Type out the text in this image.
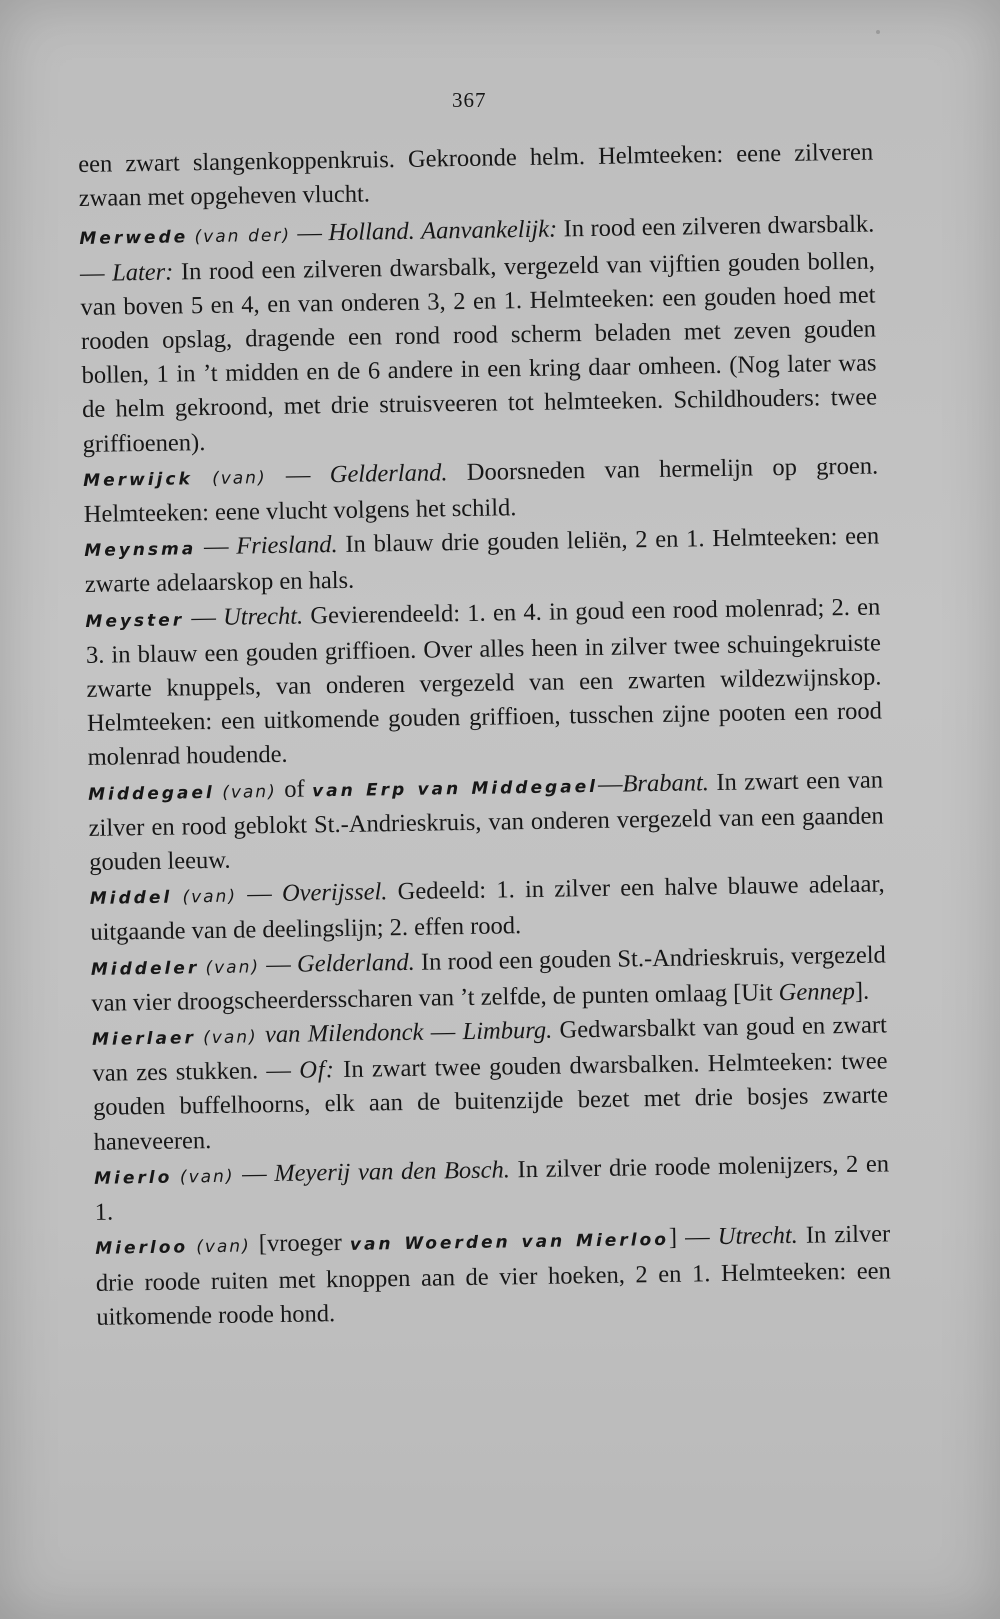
367

een zwart slangenkoppenkruis. Gekroonde helm. Helmteeken: eene zilveren zwaan met opgeheven vlucht.

Merwede (van der) — Holland. Aanvankelijk: In rood een zilveren dwarsbalk. — Later: In rood een zilveren dwarsbalk, vergezeld van vijftien gouden bollen, van boven 5 en 4, en van onderen 3, 2 en 1. Helmteeken: een gouden hoed met rooden opslag, dragende een rond rood scherm beladen met zeven gouden bollen, 1 in ’t midden en de 6 andere in een kring daar omheen. (Nog later was de helm gekroond, met drie struisveeren tot helmteeken. Schildhouders: twee griffioenen).

Merwijck (van) — Gelderland. Doorsneden van hermelijn op groen. Helmteeken: eene vlucht volgens het schild.

Meynsma — Friesland. In blauw drie gouden leliën, 2 en 1. Helmteeken: een zwarte adelaarskop en hals.

Meyster — Utrecht. Gevierendeeld: 1. en 4. in goud een rood molenrad; 2. en 3. in blauw een gouden griffioen. Over alles heen in zilver twee schuingekruiste zwarte knuppels, van onderen vergezeld van een zwarten wildezwijnskop. Helmteeken: een uitkomende gouden griffioen, tusschen zijne pooten een rood molenrad houdende.

Middegael (van) of van Erp van Middegael—Brabant. In zwart een van zilver en rood geblokt St.-Andrieskruis, van onderen vergezeld van een gaanden gouden leeuw.

Middel (van) — Overijssel. Gedeeld: 1. in zilver een halve blauwe adelaar, uitgaande van de deelingslijn; 2. effen rood.

Middeler (van) — Gelderland. In rood een gouden St.-Andrieskruis, vergezeld van vier droogscheerdersscharen van ’t zelfde, de punten omlaag [Uit Gennep].

Mierlaer (van) van Milendonck — Limburg. Gedwarsbalkt van goud en zwart van zes stukken. — Of: In zwart twee gouden dwarsbalken. Helmteeken: twee gouden buffelhoorns, elk aan de buitenzijde bezet met drie bosjes zwarte haneveeren.

Mierlo (van) — Meyerij van den Bosch. In zilver drie roode molenijzers, 2 en 1.

Mierloo (van) [vroeger van Woerden van Mierloo] — Utrecht. In zilver drie roode ruiten met knoppen aan de vier hoeken, 2 en 1. Helmteeken: een uitkomende roode hond.
